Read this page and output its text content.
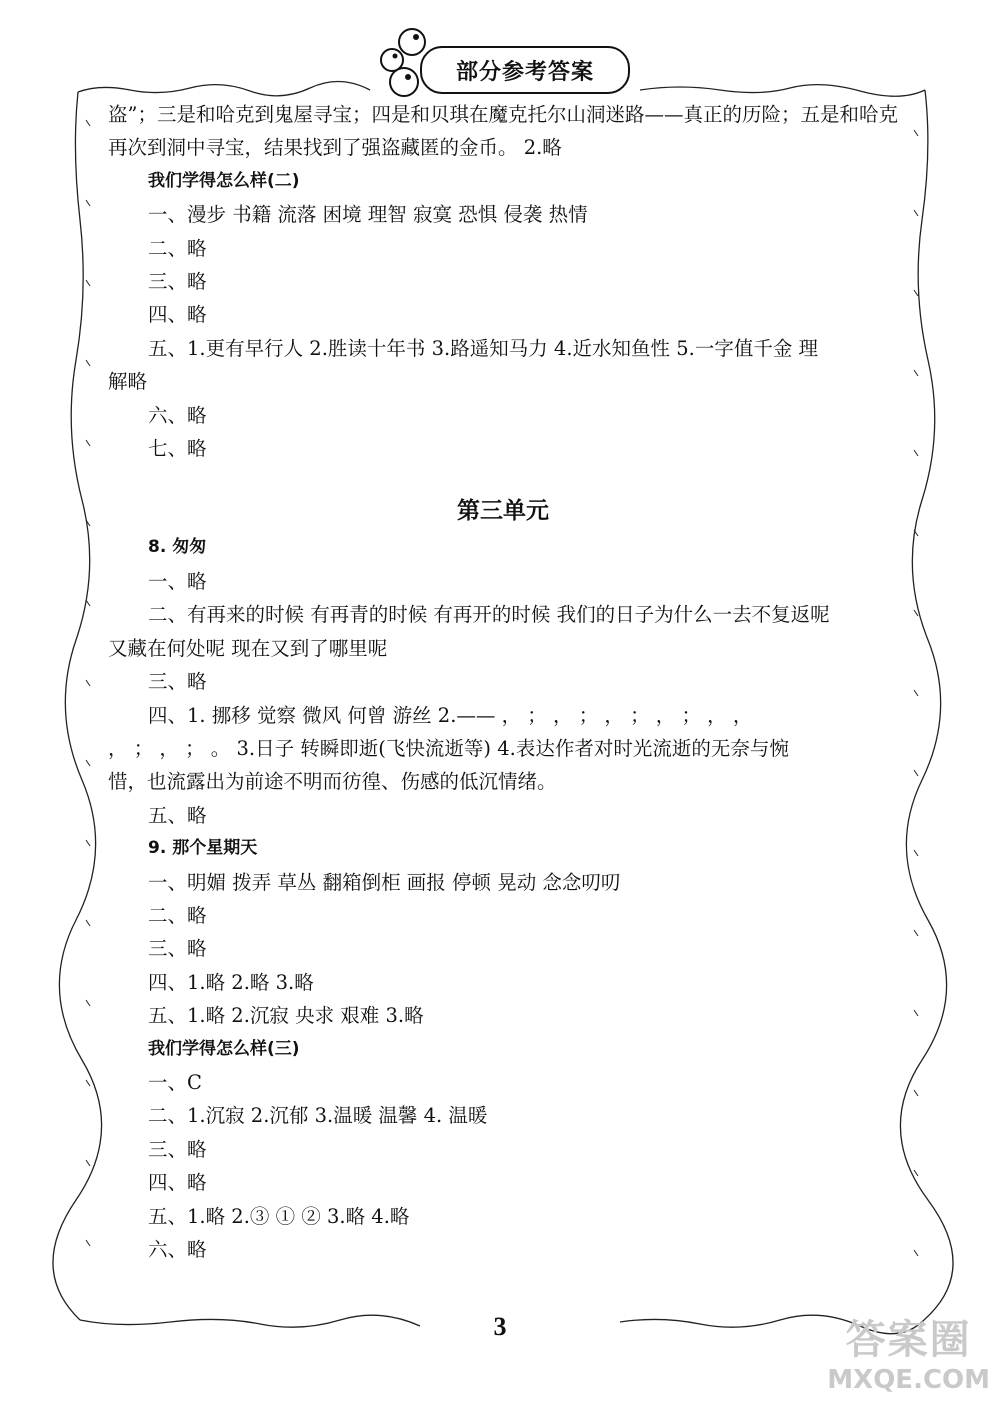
部分参考答案

盗”；三是和哈克到鬼屋寻宝；四是和贝琪在魔克托尔山洞迷路——真正的历险；五是和哈克

再次到洞中寻宝，结果找到了强盗藏匿的金币。 2.略

我们学得怎么样(二)

一、漫步 书籍 流落 困境 理智 寂寞 恐惧 侵袭 热情

二、略

三、略

四、略

五、1.更有早行人 2.胜读十年书 3.路遥知马力 4.近水知鱼性 5.一字值千金 理

解略

六、略

七、略

第三单元

8. 匆匆

一、略

二、有再来的时候 有再青的时候 有再开的时候 我们的日子为什么一去不复返呢

又藏在何处呢 现在又到了哪里呢

三、略

四、1. 挪移 觉察 微风 何曾 游丝 2.—— ， ； ， ； ， ； ， ； ， ，

， ； ， ； 。 3.日子 转瞬即逝(飞快流逝等) 4.表达作者对时光流逝的无奈与惋

惜，也流露出为前途不明而彷徨、伤感的低沉情绪。

五、略

9. 那个星期天

一、明媚 拨弄 草丛 翻箱倒柜 画报 停顿 晃动 念念叨叨

二、略

三、略

四、1.略 2.略 3.略

五、1.略 2.沉寂 央求 艰难 3.略

我们学得怎么样(三)

一、C

二、1.沉寂 2.沉郁 3.温暖 温馨 4. 温暖

三、略

四、略

五、1.略 2.③ ① ② 3.略 4.略

六、略

3	答案圈
MXQE.COM
